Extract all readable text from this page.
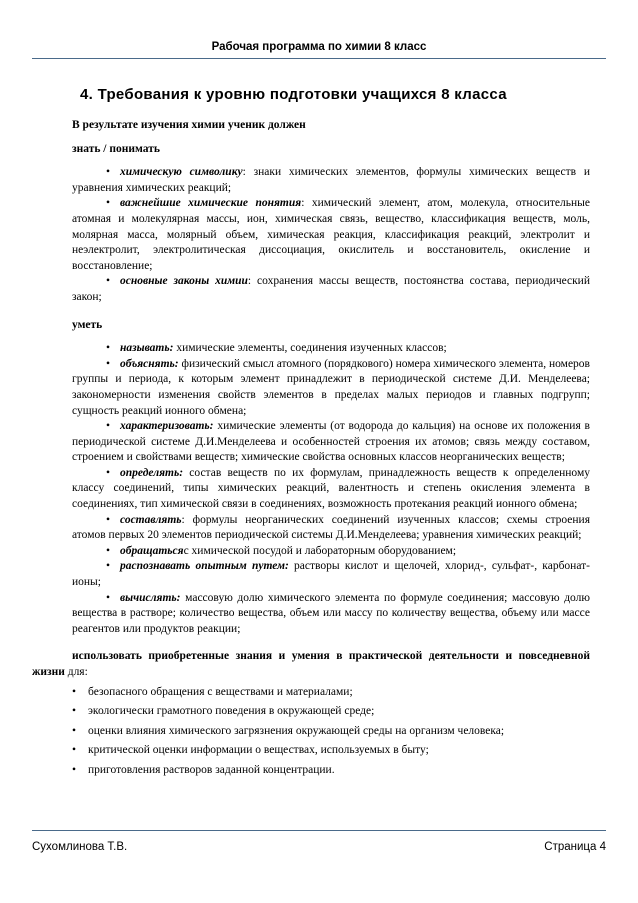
Рабочая программа по химии 8 класс
4. Требования к уровню подготовки учащихся 8 класса

В результате изучения химии ученик должен

знать / понимать

• химическую символику: знаки химических элементов, формулы химических веществ и уравнения химических реакций;

• важнейшие химические понятия: химический элемент, атом, молекула, относительные атомная и молекулярная массы, ион, химическая связь, вещество, классификация веществ, моль, молярная масса, молярный объем, химическая реакция, классификация реакций, электролит и неэлектролит, электролитическая диссоциация, окислитель и восстановитель, окисление и восстановление;

• основные законы химии: сохранения массы веществ, постоянства состава, периодический закон;

уметь

• называть: химические элементы, соединения изученных классов;

• объяснять: физический смысл атомного (порядкового) номера химического элемента, номеров группы и периода, к которым элемент принадлежит в периодической системе Д.И. Менделеева; закономерности изменения свойств элементов в пределах малых периодов и главных подгрупп; сущность реакций ионного обмена;

• характеризовать: химические элементы (от водорода до кальция) на основе их положения в периодической системе Д.И.Менделеева и особенностей строения их атомов; связь между составом, строением и свойствами веществ; химические свойства основных классов неорганических веществ;

• определять: состав веществ по их формулам, принадлежность веществ к определенному классу соединений, типы химических реакций, валентность и степень окисления элемента в соединениях, тип химической связи в соединениях, возможность протекания реакций ионного обмена;

• составлять: формулы неорганических соединений изученных классов; схемы строения атомов первых 20 элементов периодической системы Д.И.Менделеева; уравнения химических реакций;

• обращатьсяс химической посудой и лабораторным оборудованием;

• распознавать опытным путем: растворы кислот и щелочей, хлорид-, сульфат-, карбонат-ионы;

• вычислять: массовую долю химического элемента по формуле соединения; массовую долю вещества в растворе; количество вещества, объем или массу по количеству вещества, объему или массе реагентов или продуктов реакции;

использовать приобретенные знания и умения в практической деятельности и повседневной жизни для:

• безопасного обращения с веществами и материалами;

• экологически грамотного поведения в окружающей среде;

• оценки влияния химического загрязнения окружающей среды на организм человека;

• критической оценки информации о веществах, используемых в быту;

• приготовления растворов заданной концентрации.

Сухомлинова Т.В.	Страница 4
